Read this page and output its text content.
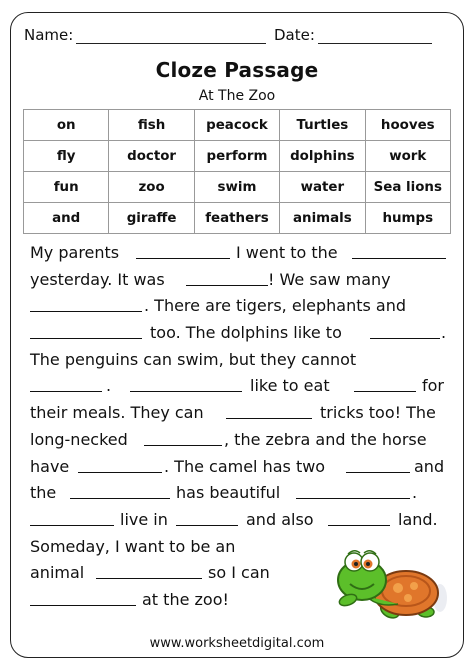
Name:	Date:
Cloze Passage
At The Zoo
on	fish	peacock	Turtles	hooves
fly	doctor	perform	dolphins	work
fun	zoo	swim	water	Sea lions
and	giraffe	feathers	animals	humps
My parents	I went to the
yesterday. It was	! We saw many
. There are tigers, elephants and
too. The dolphins like to	.
The penguins can swim, but they cannot
.	like to eat	for
their meals. They can	tricks too! The
long-necked	, the zebra and the horse
have	. The camel has two	and
the	has beautiful	.
live in	and also	land.
Someday, I want to be an
animal	so I can
at the zoo!
www.worksheetdigital.com
